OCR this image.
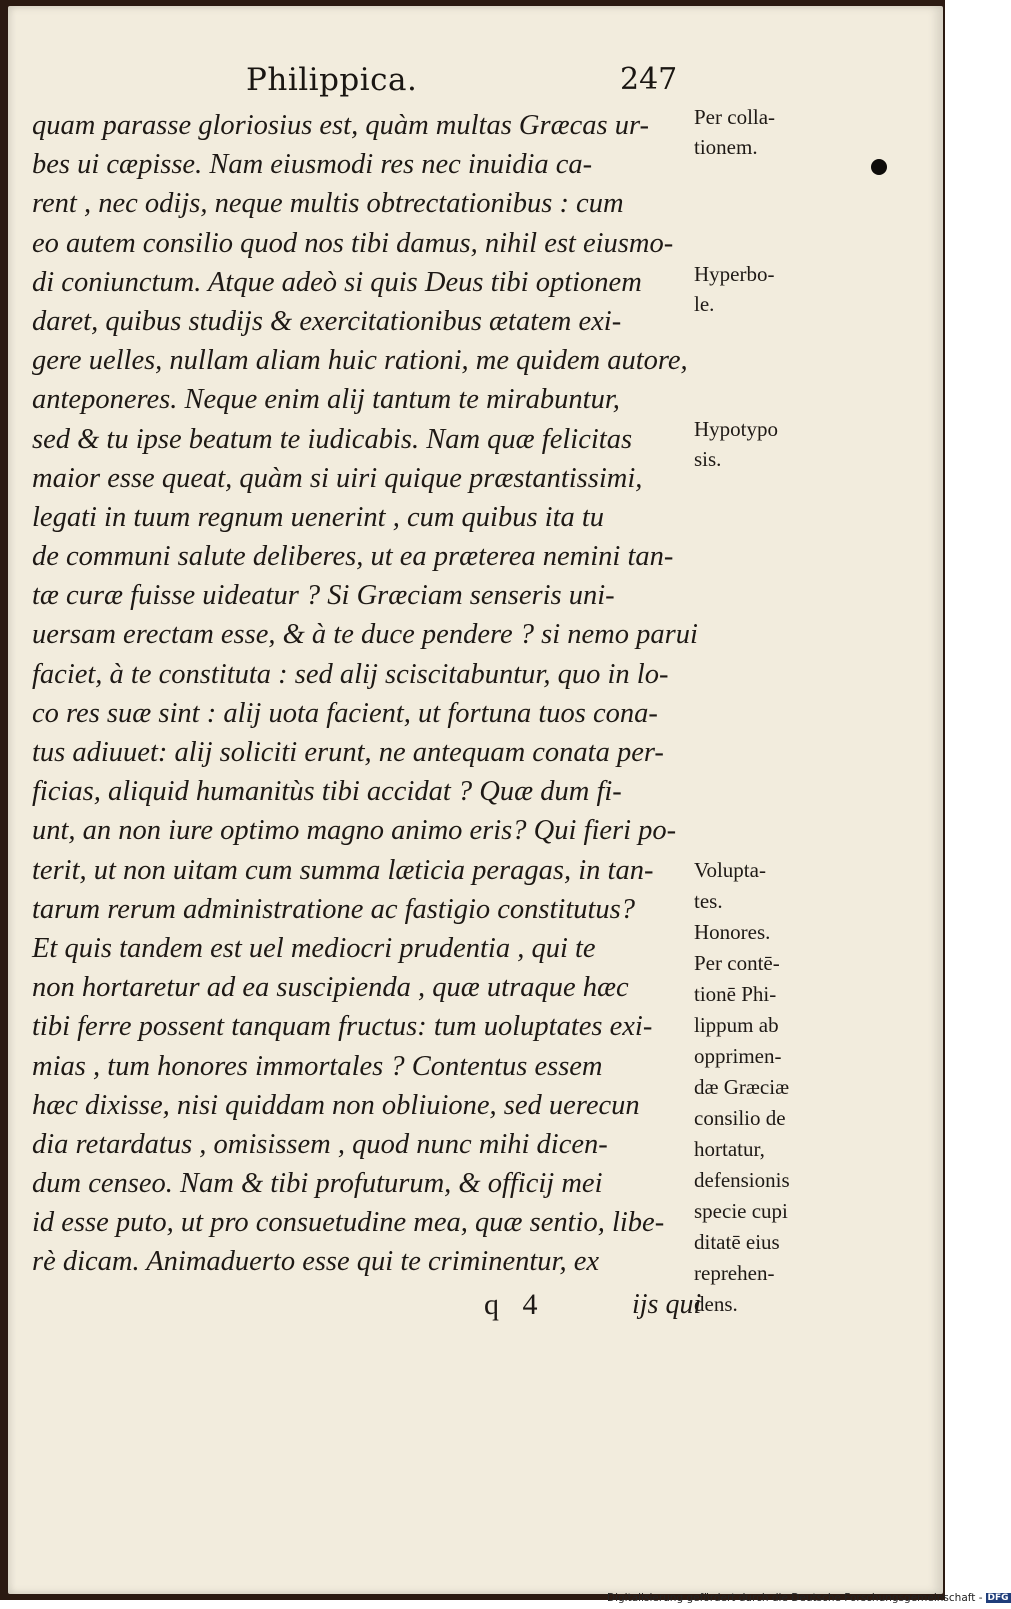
Philippica.	247
quam parasse gloriosius est, quàm multas Græcas ur-
bes ui cæpisse. Nam eiusmodi res nec inuidia ca-
rent , nec odijs, neque multis obtrectationibus : cum
eo autem consilio quod nos tibi damus, nihil est eiusmo-
di coniunctum. Atque adeò si quis Deus tibi optionem
daret, quibus studijs & exercitationibus ætatem exi-
gere uelles, nullam aliam huic rationi, me quidem autore,
anteponeres. Neque enim alij tantum te mirabuntur,
sed & tu ipse beatum te iudicabis. Nam quæ felicitas
maior esse queat, quàm si uiri quique præstantissimi,
legati in tuum regnum uenerint , cum quibus ita tu
de communi salute deliberes, ut ea præterea nemini tan-
tæ curæ fuisse uideatur ? Si Græciam senseris uni-
uersam erectam esse, & à te duce pendere ? si nemo parui
faciet, à te constituta : sed alij sciscitabuntur, quo in lo-
co res suæ sint : alij uota facient, ut fortuna tuos cona-
tus adiuuet: alij soliciti erunt, ne antequam conata per-
ficias, aliquid humanitùs tibi accidat ? Quæ dum fi-
unt, an non iure optimo magno animo eris? Qui fieri po-
terit, ut non uitam cum summa læticia peragas, in tan-
tarum rerum administratione ac fastigio constitutus?
Et quis tandem est uel mediocri prudentia , qui te
non hortaretur ad ea suscipienda , quæ utraque hæc
tibi ferre possent tanquam fructus: tum uoluptates exi-
mias , tum honores immortales ? Contentus essem
hæc dixisse, nisi quiddam non obliuione, sed uerecun
dia retardatus , omisissem , quod nunc mihi dicen-
dum censeo. Nam & tibi profuturum, & officij mei
id esse puto, ut pro consuetudine mea, quæ sentio, libe-
rè dicam. Animaduerto esse qui te criminentur, ex
Per colla-
tionem.
Hyperbo-
le.
Hypotypo
sis.
Volupta-
tes.
Honores.
Per contē-
tionē Phi-
lippum ab
opprimen-
dæ Græciæ
consilio de
hortatur,
defensionis
specie cupi
ditatē eius
reprehen-
dens.
q 4	ijs qui
Digitalisierung gefördert durch die Deutsche Forschungsgemeinschaft - DFG
